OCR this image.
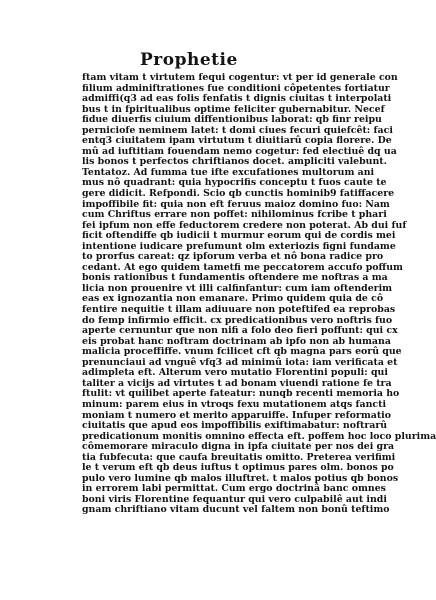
Prophetie
ftam vitam t virtutem fequi cogentur: vt per id generale con
filium adminiftrationes fue conditioni côpetentes fortiatur
admiffi(q3 ad eas folis fenfatis t dignis ciuitas t interpolati
bus t in fpiritualibus optime feliciter gubernabitur. Necef
fidue diuerfis ciuium diffentionibus laborat: qb finr reipu
perniciofe neminem latet: t domi ciues fecuri quiefcêt: faci
entq3 ciuitatem ipam virtutum t diuitiarû copia florere. De
mû ad iuftitiam fouendam nemo cogetur: fed electiuê dq ua
lis bonos t perfectos chriftianos docet. ampliciti valebunt.
Tentatoz. Ad fumma tue ifte excufationes multorum ani
mus nô quadrant: quia hypocrifis conceptu t fuos caute te
gere didicit. Refpondi. Scio qb cunctis hominib9 fatiffacere
impoffibile fit: quia non eft feruus maioz domino fuo: Nam
cum Chriftus errare non poffet: nihilominus fcribe t phari
fei ipfum non effe feductorem credere non poterat. Ab dui fuf
ficit oftendiffe qb iudicii t murmur eorum qui de cordis mei
intentione iudicare prefumunt olm exteriozis figni fundame
to prorfus careat: qz ipforum verba et nô bona radice pro
cedant. At ego quidem tametfi me peccatorem accufo poffum
bonis rationibus t fundamentis oftendere me noftras a ma
licia non prouenire vt illi calfinfantur: cum iam oftenderim
eas ex ignozantia non emanare. Primo quidem quia de cô
fentire nequitie t illam adiuuare non poteftifed ea reprobas
do femp infirmio efficit. cx predicationibus vero noftris fuo
aperte cernuntur que non nifi a folo deo fieri poffunt: qui cx
eis probat hanc noftram doctrinam ab ipfo non ab humana
malicia proceffiffe. vnum fcilicet cft qb magna pars eorû que
prenunciaui ad vnguê vfq3 ad minimû iota: iam verificata et
adimpleta eft. Alterum vero mutatio Florentini populi: qui
taliter a vicijs ad virtutes t ad bonam viuendi ratione fe tra
ftulit: vt quilibet aperte fateatur: nunqb recenti memoria ho
minum: parem eius in vtroqs fexu mutationem atqs fancti
moniam t numero et merito apparuiffe. Infuper reformatio
ciuitatis que apud eos impoffibilis exiftimabatur: noftrarû
predicationum monitis omnino effecta eft. poffem hoc loco plurima
cômemorare miraculo digna in ipfa ciuitate per nos dei gra
tia fubfecuta: que caufa breuitatis omitto. Preterea verifimi
le t verum eft qb deus iuftus t optimus pares olm. bonos po
pulo vero lumine qb malos illuftret. t malos potius qb bonos
in errorem labi permittat. Cum ergo doctrinâ banc omnes
boni viris Florentine fequantur qui vero culpabilê aut indi
gnam chriftiano vitam ducunt vel faltem non bonû teftimo
